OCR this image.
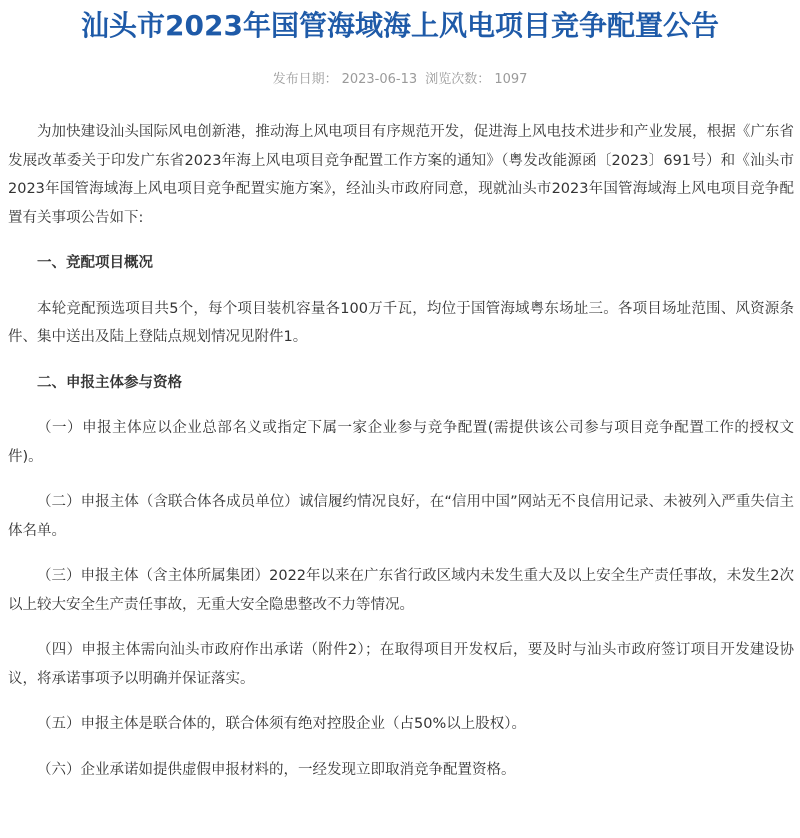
汕头市2023年国管海域海上风电项目竞争配置公告
发布日期： 2023-06-13 浏览次数： 1097

为加快建设汕头国际风电创新港，推动海上风电项目有序规范开发，促进海上风电技术进步和产业发展，根据《广东省发展改革委关于印发广东省2023年海上风电项目竞争配置工作方案的通知》（粤发改能源函〔2023〕691号）和《汕头市2023年国管海域海上风电项目竞争配置实施方案》，经汕头市政府同意，现就汕头市2023年国管海域海上风电项目竞争配置有关事项公告如下:

一、竞配项目概况

本轮竞配预选项目共5个，每个项目装机容量各100万千瓦，均位于国管海域粤东场址三。各项目场址范围、风资源条件、集中送出及陆上登陆点规划情况见附件1。

二、申报主体参与资格

（一）申报主体应以企业总部名义或指定下属一家企业参与竞争配置(需提供该公司参与项目竞争配置工作的授权文件)。

（二）申报主体（含联合体各成员单位）诚信履约情况良好，在“信用中国”网站无不良信用记录、未被列入严重失信主体名单。

（三）申报主体（含主体所属集团）2022年以来在广东省行政区域内未发生重大及以上安全生产责任事故，未发生2次以上较大安全生产责任事故，无重大安全隐患整改不力等情况。

（四）申报主体需向汕头市政府作出承诺（附件2）；在取得项目开发权后，要及时与汕头市政府签订项目开发建设协议，将承诺事项予以明确并保证落实。

（五）申报主体是联合体的，联合体须有绝对控股企业（占50%以上股权）。

（六）企业承诺如提供虚假申报材料的，一经发现立即取消竞争配置资格。
